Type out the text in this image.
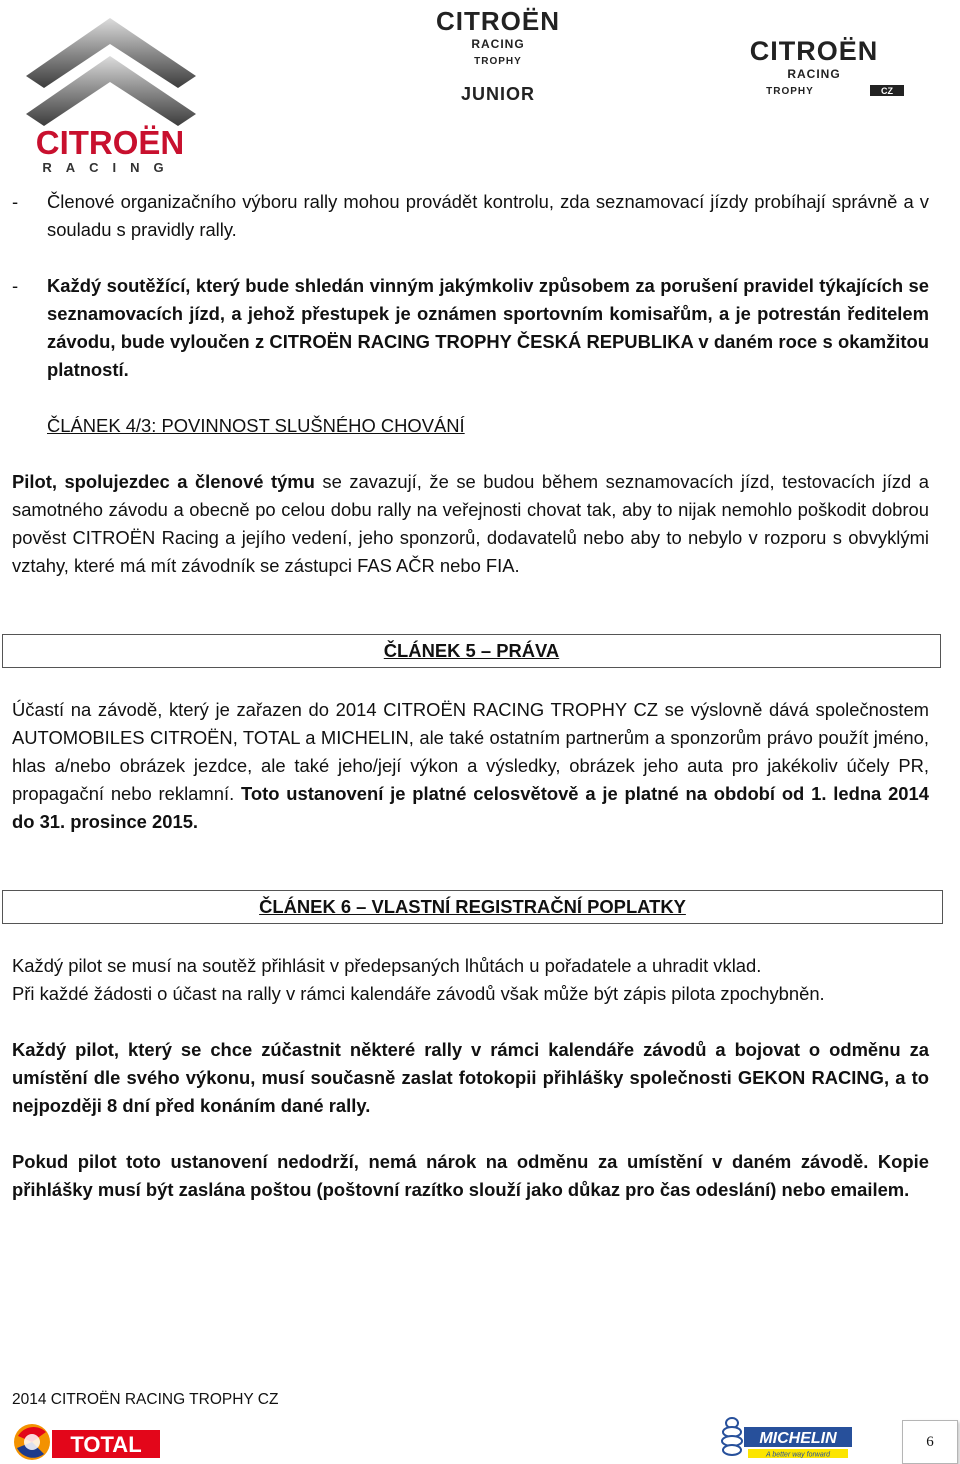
CITROËN
RACING
CITROËN
RACING
TROPHY
JUNIOR
CITROËN
RACING
TROPHY	CZ
- Členové organizačního výboru rally mohou provádět kontrolu, zda seznamovací jízdy probíhají správně a v souladu s pravidly rally.
- Každý soutěžící, který bude shledán vinným jakýmkoliv způsobem za porušení pravidel týkajících se seznamovacích jízd, a jehož přestupek je oznámen sportovním komisařům, a je potrestán ředitelem závodu, bude vyloučen z CITROËN RACING TROPHY ČESKÁ REPUBLIKA v daném roce s okamžitou platností.
ČLÁNEK 4/3: POVINNOST SLUŠNÉHO CHOVÁNÍ

Pilot, spolujezdec a členové týmu se zavazují, že se budou během seznamovacích jízd, testovacích jízd a samotného závodu a obecně po celou dobu rally na veřejnosti chovat tak, aby to nijak nemohlo poškodit dobrou pověst CITROËN Racing a jejího vedení, jeho sponzorů, dodavatelů nebo aby to nebylo v rozporu s obvyklými vztahy, které má mít závodník se zástupci FAS AČR nebo FIA.

ČLÁNEK 5 – PRÁVA

Účastí na závodě, který je zařazen do 2014 CITROËN RACING TROPHY CZ se výslovně dává společnostem AUTOMOBILES CITROËN, TOTAL a MICHELIN, ale také ostatním partnerům a sponzorům právo použít jméno, hlas a/nebo obrázek jezdce, ale také jeho/její výkon a výsledky, obrázek jeho auta pro jakékoliv účely PR, propagační nebo reklamní. Toto ustanovení je platné celosvětově a je platné na období od 1. ledna 2014 do 31. prosince 2015.

ČLÁNEK 6 – VLASTNÍ REGISTRAČNÍ POPLATKY
Každý pilot se musí na soutěž přihlásit v předepsaných lhůtách u pořadatele a uhradit vklad.
Při každé žádosti o účast na rally v rámci kalendáře závodů však může být zápis pilota zpochybněn.

Každý pilot, který se chce zúčastnit některé rally v rámci kalendáře závodů a bojovat o odměnu za umístění dle svého výkonu, musí současně zaslat fotokopii přihlášky společnosti GEKON RACING, a to nejpozději 8 dní před konáním dané rally.

Pokud pilot toto ustanovení nedodrží, nemá nárok na odměnu za umístění v daném závodě. Kopie přihlášky musí být zaslána poštou (poštovní razítko slouží jako důkaz pro čas odeslání) nebo emailem.

2014 CITROËN RACING TROPHY CZ
TOTAL	MICHELIN
A better way forward
6
